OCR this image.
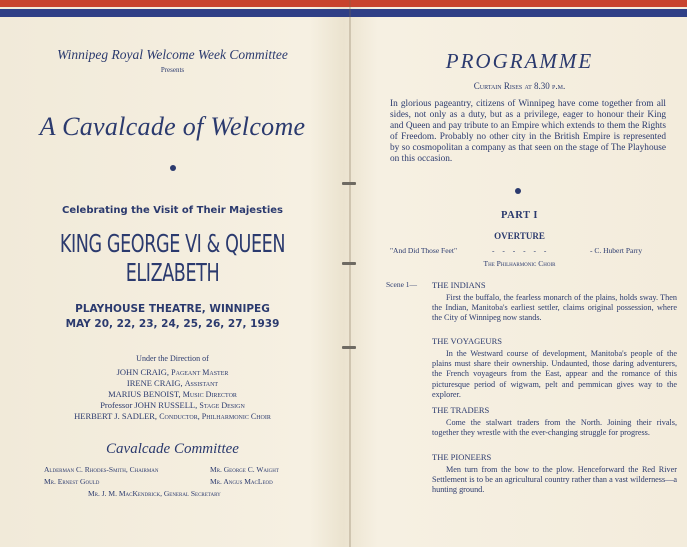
Winnipeg Royal Welcome Week Committee
Presents
A Cavalcade of Welcome
Celebrating the Visit of Their Majesties
KING GEORGE VI & QUEEN ELIZABETH
PLAYHOUSE THEATRE, WINNIPEG
MAY 20, 22, 23, 24, 25, 26, 27, 1939
Under the Direction of
JOHN CRAIG, Pageant Master
IRENE CRAIG, Assistant
MARIUS BENOIST, Music Director
Professor JOHN RUSSELL, Stage Design
HERBERT J. SADLER, Conductor, Philharmonic Choir
Cavalcade Committee
Alderman C. Rhodes-Smith, Chairman	Mr. George C. Waight
Mr. Ernest Gould	Mr. Angus MacLeod
Mr. J. M. MacKendrick, General Secretary
PROGRAMME
Curtain Rises at 8.30 p.m.
In glorious pageantry, citizens of Winnipeg have come together from all sides, not only as a duty, but as a privilege, eager to honour their King and Queen and pay tribute to an Empire which extends to them the Rights of Freedom. Probably no other city in the British Empire is represented by so cosmopolitan a company as that seen on the stage of The Playhouse on this occasion.
PART I
OVERTURE
"And Did Those Feet"	- - - - - -	- C. Hubert Parry
The Philharmonic Choir
Scene 1— THE INDIANS
First the buffalo, the fearless monarch of the plains, holds sway. Then the Indian, Manitoba's earliest settler, claims original possession, where the City of Winnipeg now stands.
THE VOYAGEURS
In the Westward course of development, Manitoba's people of the plains must share their ownership. Undaunted, those daring adventurers, the French voyageurs from the East, appear and the romance of this picturesque period of wigwam, pelt and pemmican gives way to the explorer.
THE TRADERS
Come the stalwart traders from the North. Joining their rivals, together they wrestle with the ever-changing struggle for progress.
THE PIONEERS
Men turn from the bow to the plow. Henceforward the Red River Settlement is to be an agricultural country rather than a vast wilderness—a hunting ground.
